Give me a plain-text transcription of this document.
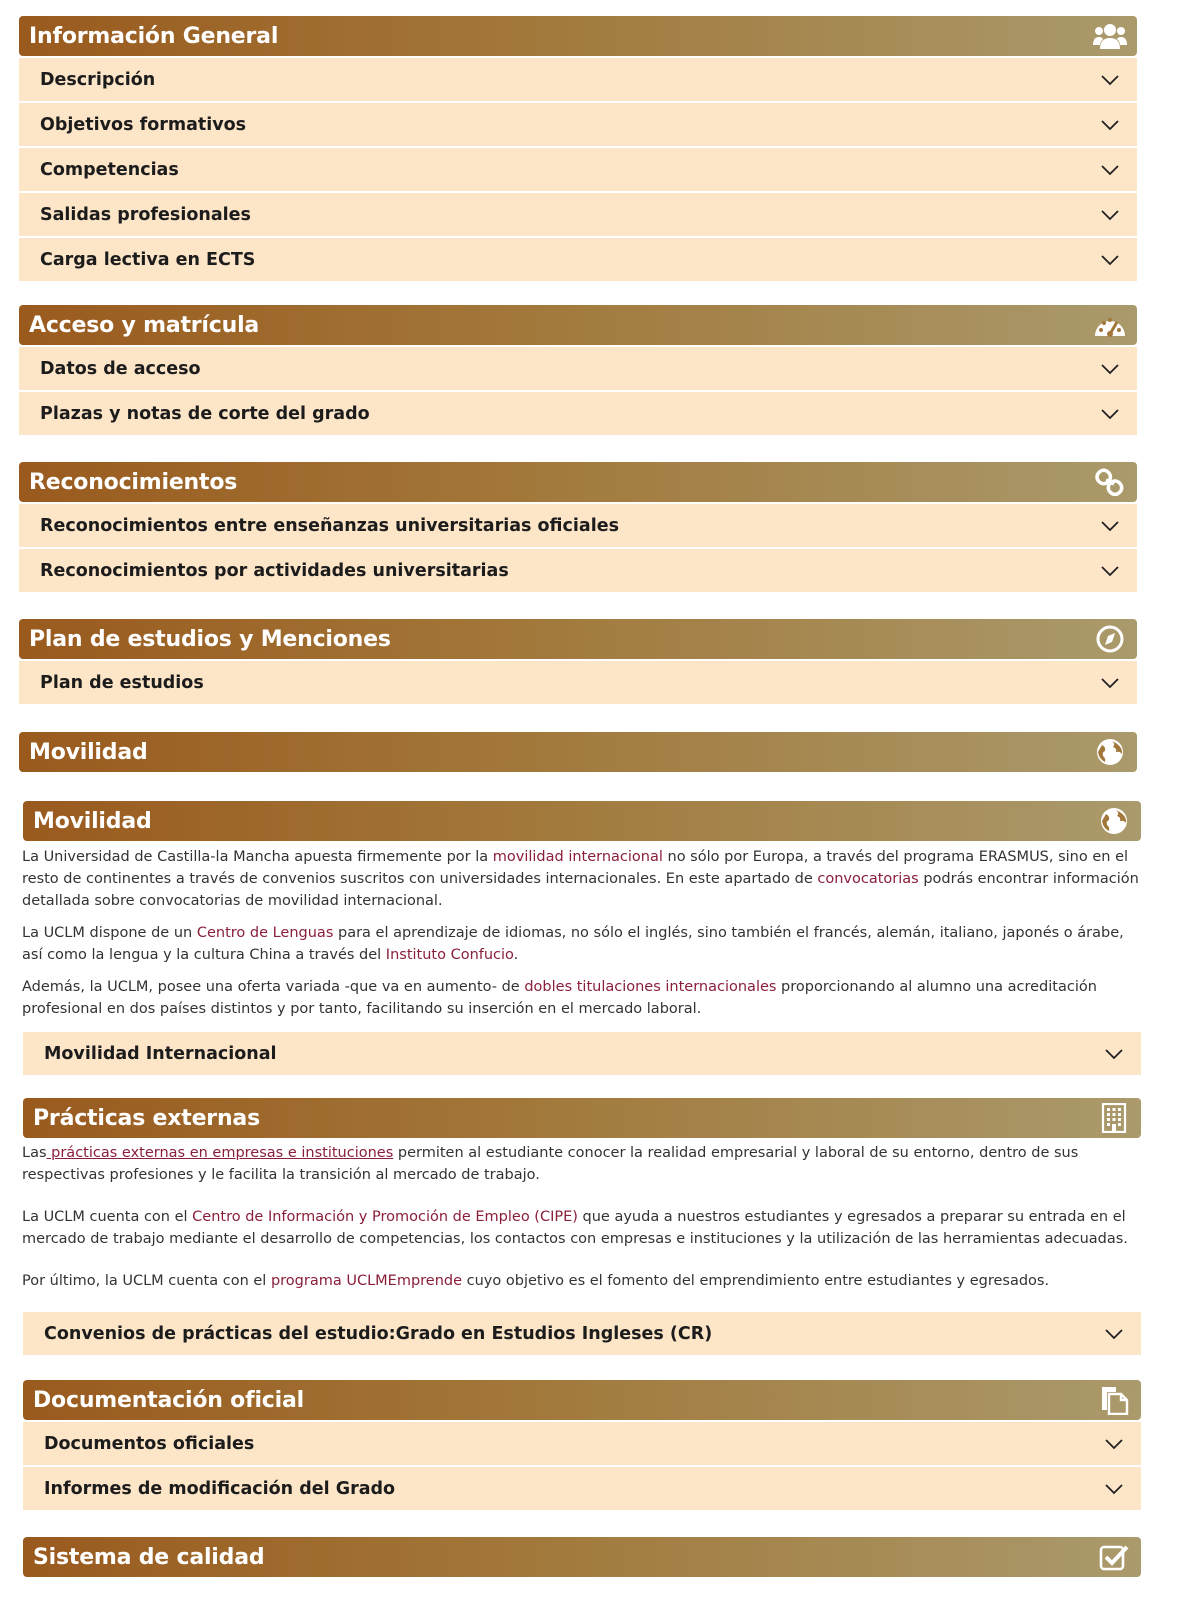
Información General
Descripción
Objetivos formativos
Competencias
Salidas profesionales
Carga lectiva en ECTS
Acceso y matrícula
Datos de acceso
Plazas y notas de corte del grado
Reconocimientos
Reconocimientos entre enseñanzas universitarias oficiales
Reconocimientos por actividades universitarias
Plan de estudios y Menciones
Plan de estudios
Movilidad
Movilidad

La Universidad de Castilla-la Mancha apuesta firmemente por la movilidad internacional no sólo por Europa, a través del programa ERASMUS, sino en el resto de continentes a través de convenios suscritos con universidades internacionales. En este apartado de convocatorias podrás encontrar información detallada sobre convocatorias de movilidad internacional.

La UCLM dispone de un Centro de Lenguas para el aprendizaje de idiomas, no sólo el inglés, sino también el francés, alemán, italiano, japonés o árabe, así como la lengua y la cultura China a través del Instituto Confucio.

Además, la UCLM, posee una oferta variada -que va en aumento- de dobles titulaciones internacionales proporcionando al alumno una acreditación profesional en dos países distintos y por tanto, facilitando su inserción en el mercado laboral.

Movilidad Internacional
Prácticas externas

Las prácticas externas en empresas e instituciones permiten al estudiante conocer la realidad empresarial y laboral de su entorno, dentro de sus respectivas profesiones y le facilita la transición al mercado de trabajo.

La UCLM cuenta con el Centro de Información y Promoción de Empleo (CIPE) que ayuda a nuestros estudiantes y egresados a preparar su entrada en el mercado de trabajo mediante el desarrollo de competencias, los contactos con empresas e instituciones y la utilización de las herramientas adecuadas.

Por último, la UCLM cuenta con el programa UCLMEmprende cuyo objetivo es el fomento del emprendimiento entre estudiantes y egresados.

Convenios de prácticas del estudio:Grado en Estudios Ingleses (CR)
Documentación oficial
Documentos oficiales
Informes de modificación del Grado
Sistema de calidad
